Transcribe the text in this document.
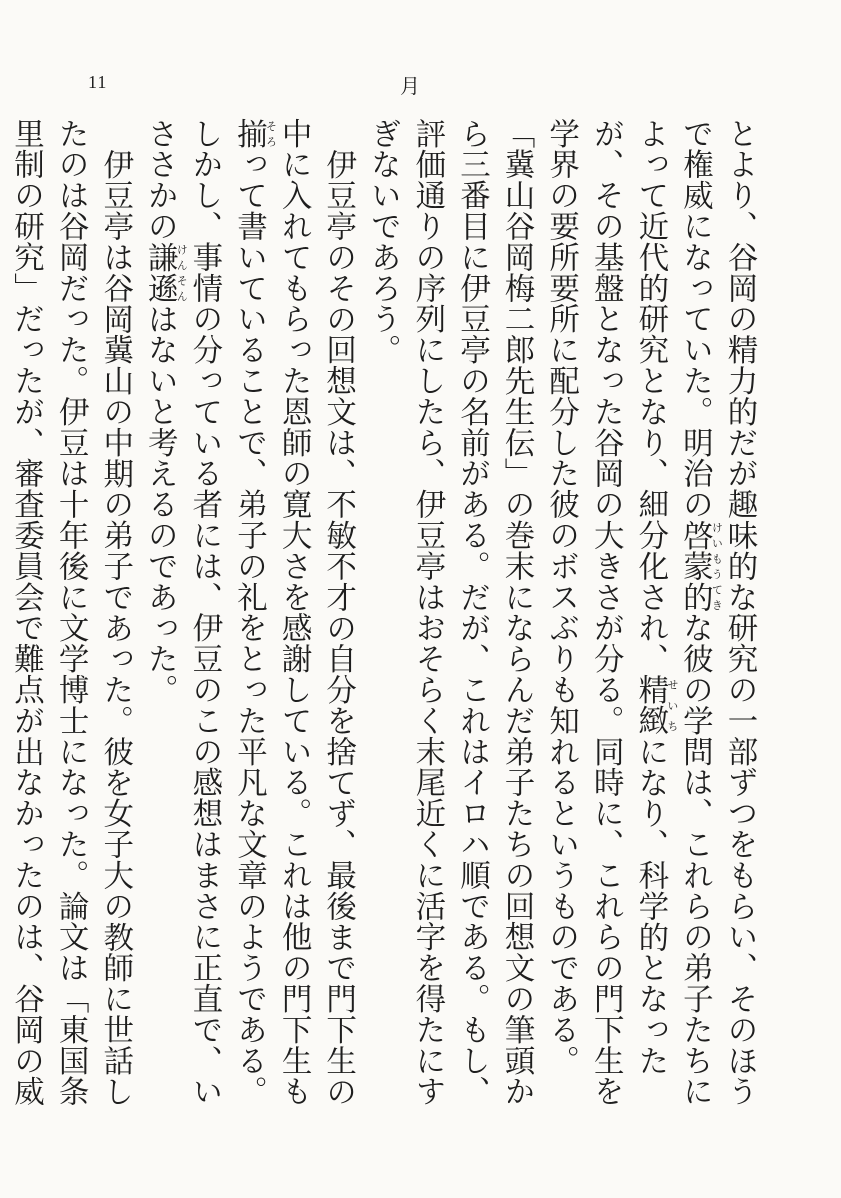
11	月

とより、谷岡の精力的だが趣味的な研究の一部ずつをもらい、そのほうで権威になっていた。明治の啓蒙的けいもうてきな彼の学問は、これらの弟子たちによって近代的研究となり、細分化され、精緻せいちになり、科学的となったが、その基盤となった谷岡の大きさが分る。同時に、これらの門下生を学界の要所要所に配分した彼のボスぶりも知れるというものである。

「冀山谷岡梅二郎先生伝」の巻末にならんだ弟子たちの回想文の筆頭から三番目に伊豆亭の名前がある。だが、これはイロハ順である。もし、評価通りの序列にしたら、伊豆亭はおそらく末尾近くに活字を得たにすぎないであろう。

伊豆亭のその回想文は、不敏不才の自分を捨てず、最後まで門下生の中に入れてもらった恩師の寛大さを感謝している。これは他の門下生も揃そろって書いていることで、弟子の礼をとった平凡な文章のようである。しかし、事情の分っている者には、伊豆のこの感想はまさに正直で、いささかの謙遜けんそんはないと考えるのであった。

伊豆亭は谷岡冀山の中期の弟子であった。彼を女子大の教師に世話したのは谷岡だった。伊豆は十年後に文学博士になった。論文は「東国条里制の研究」だったが、審査委員会で難点が出なかったのは、谷岡の威
